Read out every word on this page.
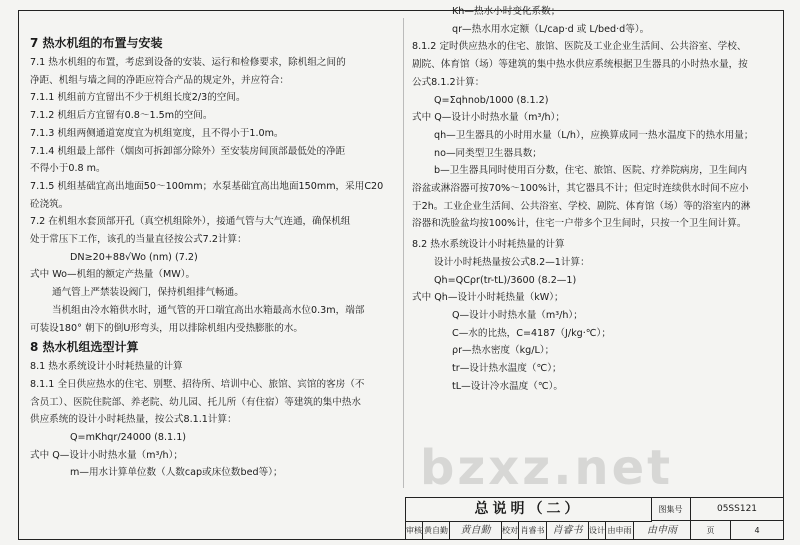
7 热水机组的布置与安装

7.1 热水机组的布置，考虑到设备的安装、运行和检修要求，除机组之间的

净距、机组与墙之间的净距应符合产品的规定外，并应符合：

7.1.1 机组前方宜留出不少于机组长度2/3的空间。

7.1.2 机组后方宜留有0.8～1.5m的空间。

7.1.3 机组两侧通道宽度宜为机组宽度，且不得小于1.0m。

7.1.4 机组最上部件（烟囱可拆卸部分除外）至安装房间顶部最低处的净距

不得小于0.8 m。

7.1.5 机组基础宜高出地面50～100mm；水泵基础宜高出地面150mm，采用C20

砼浇筑。

7.2 在机组水套顶部开孔（真空机组除外），接通气管与大气连通，确保机组

处于常压下工作，该孔的当量直径按公式7.2计算：

DN≥20+88√Wo (nm) (7.2)

式中 Wo—机组的额定产热量（MW）。

通气管上严禁装设阀门，保持机组排气畅通。

当机组由冷水箱供水时，通气管的开口端宜高出水箱最高水位0.3m，端部

可装设180° 朝下的倒U形弯头，用以排除机组内受热膨胀的水。

8 热水机组选型计算

8.1 热水系统设计小时耗热量的计算

8.1.1 全日供应热水的住宅、别墅、招待所、培训中心、旅馆、宾馆的客房（不

含员工）、医院住院部、养老院、幼儿园、托儿所（有住宿）等建筑的集中热水

供应系统的设计小时耗热量，按公式8.1.1计算：

Q=mKhqr/24000 (8.1.1)

式中 Q—设计小时热水量（m³/h）；

m—用水计算单位数（人数cap或床位数bed等）；

Kh—热水小时变化系数；

qr—热水用水定额（L/cap·d 或 L/bed·d等）。

8.1.2 定时供应热水的住宅、旅馆、医院及工业企业生活间、公共浴室、学校、

剧院、体育馆（场）等建筑的集中热水供应系统根据卫生器具的小时热水量，按

公式8.1.2计算：

Q=Σqhnob/1000 (8.1.2)

式中 Q—设计小时热水量（m³/h）；

qh—卫生器具的小时用水量（L/h），应换算成同一热水温度下的热水用量；

no—同类型卫生器具数；

b—卫生器具同时使用百分数，住宅、旅馆、医院、疗养院病房，卫生间内

浴盆或淋浴器可按70%～100%计，其它器具不计；但定时连续供水时间不应小

于2h。工业企业生活间、公共浴室、学校、剧院、体育馆（场）等的浴室内的淋

浴器和洗脸盆均按100%计，住宅一户带多个卫生间时，只按一个卫生间计算。

8.2 热水系统设计小时耗热量的计算

设计小时耗热量按公式8.2—1计算：

Qh=QCρr(tr-tL)/3600 (8.2—1)

式中 Qh—设计小时耗热量（kW）；

Q—设计小时热水量（m³/h）；

C—水的比热，C=4187（J/kg·℃）；

ρr—热水密度（kg/L）；

tr—设计热水温度（℃）；

tL—设计冷水温度（℃）。

bzxz.net
总说明（二）	图集号	05SS121
审核 黄自勤	黄自勤	校对 肖睿书 肖睿书 设计 由申雨	由申雨	页	4
